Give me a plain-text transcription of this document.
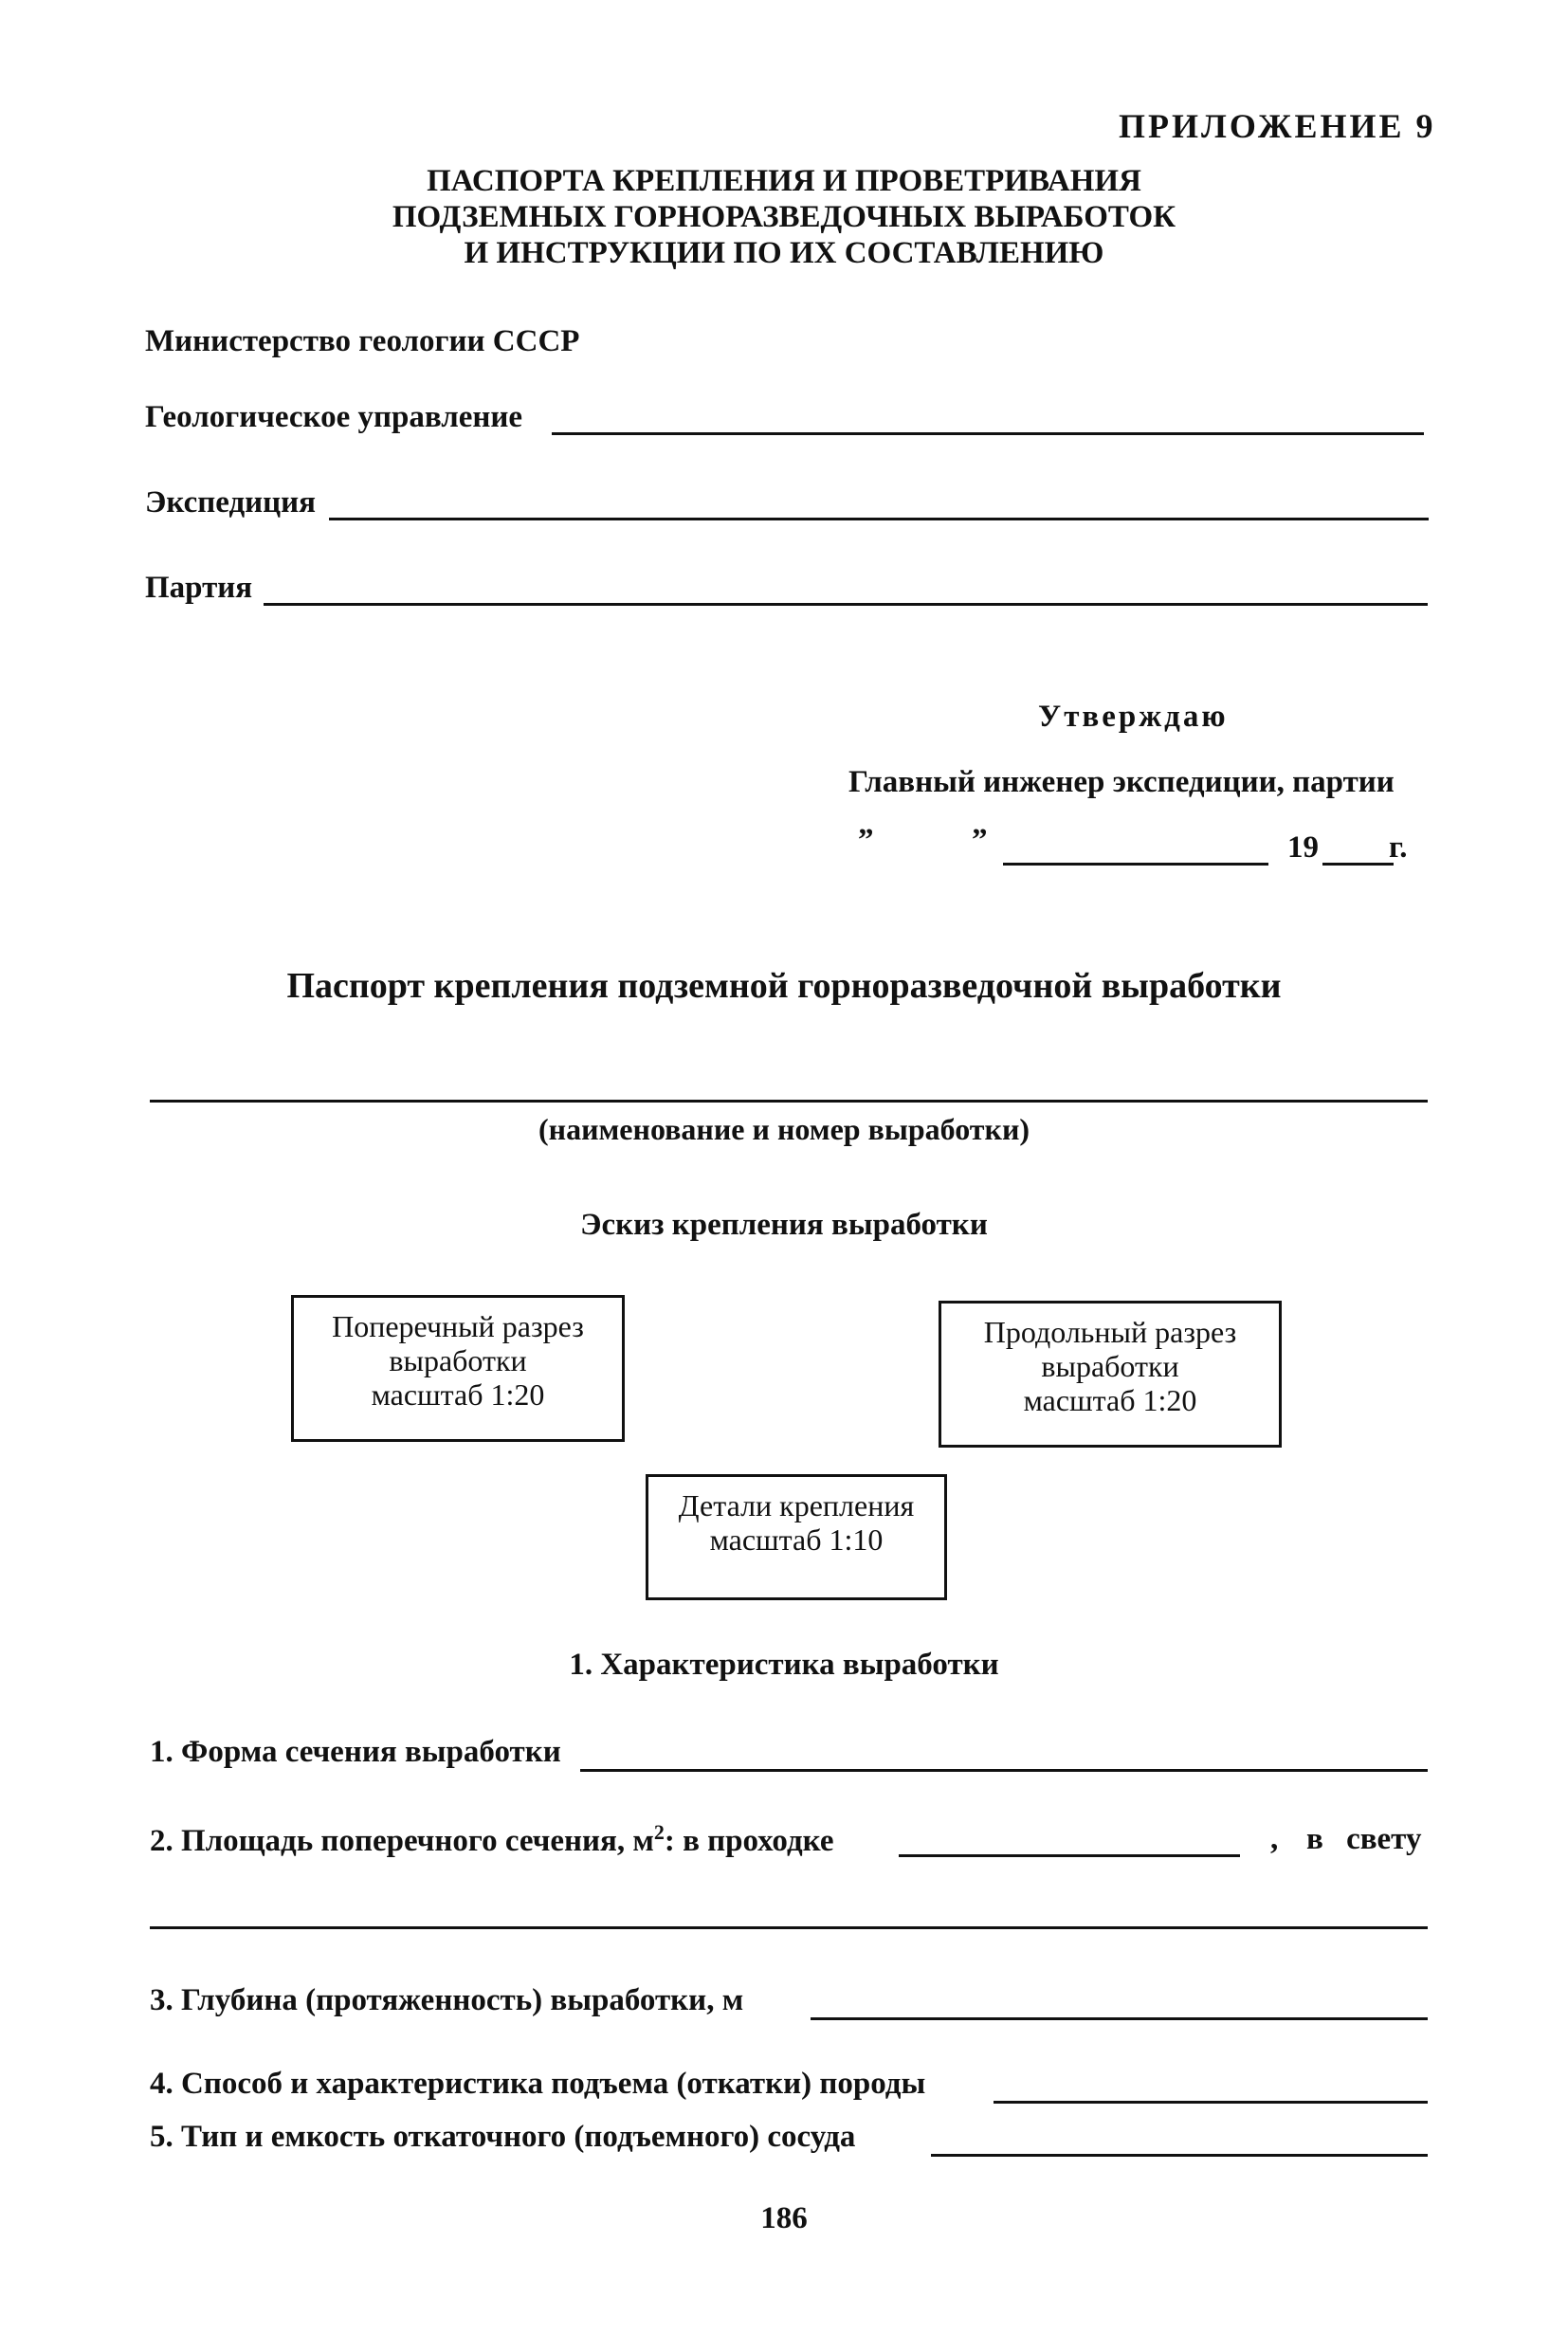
ПРИЛОЖЕНИЕ 9
ПАСПОРТА КРЕПЛЕНИЯ И ПРОВЕТРИВАНИЯ
ПОДЗЕМНЫХ ГОРНОРАЗВЕДОЧНЫХ ВЫРАБОТОК
И ИНСТРУКЦИИ ПО ИХ СОСТАВЛЕНИЮ
Министерство геологии СССР
Геологическое управление
Экспедиция
Партия
Утверждаю
Главный инженер экспедиции, партии
”	”	19 г.
Паспорт крепления подземной горноразведочной выработки
(наименование и номер выработки)
Эскиз крепления выработки
Поперечный разрез
выработки
масштаб 1:20
Продольный разрез
выработки
масштаб 1:20
Детали крепления
масштаб 1:10
1. Характеристика выработки
1. Форма сечения выработки
2. Площадь поперечного сечения, $м^2$: в проходке	, в свету
3. Глубина (протяженность) выработки, м
4. Способ и характеристика подъема (откатки) породы
5. Тип и емкость откаточного (подъемного) сосуда
186
